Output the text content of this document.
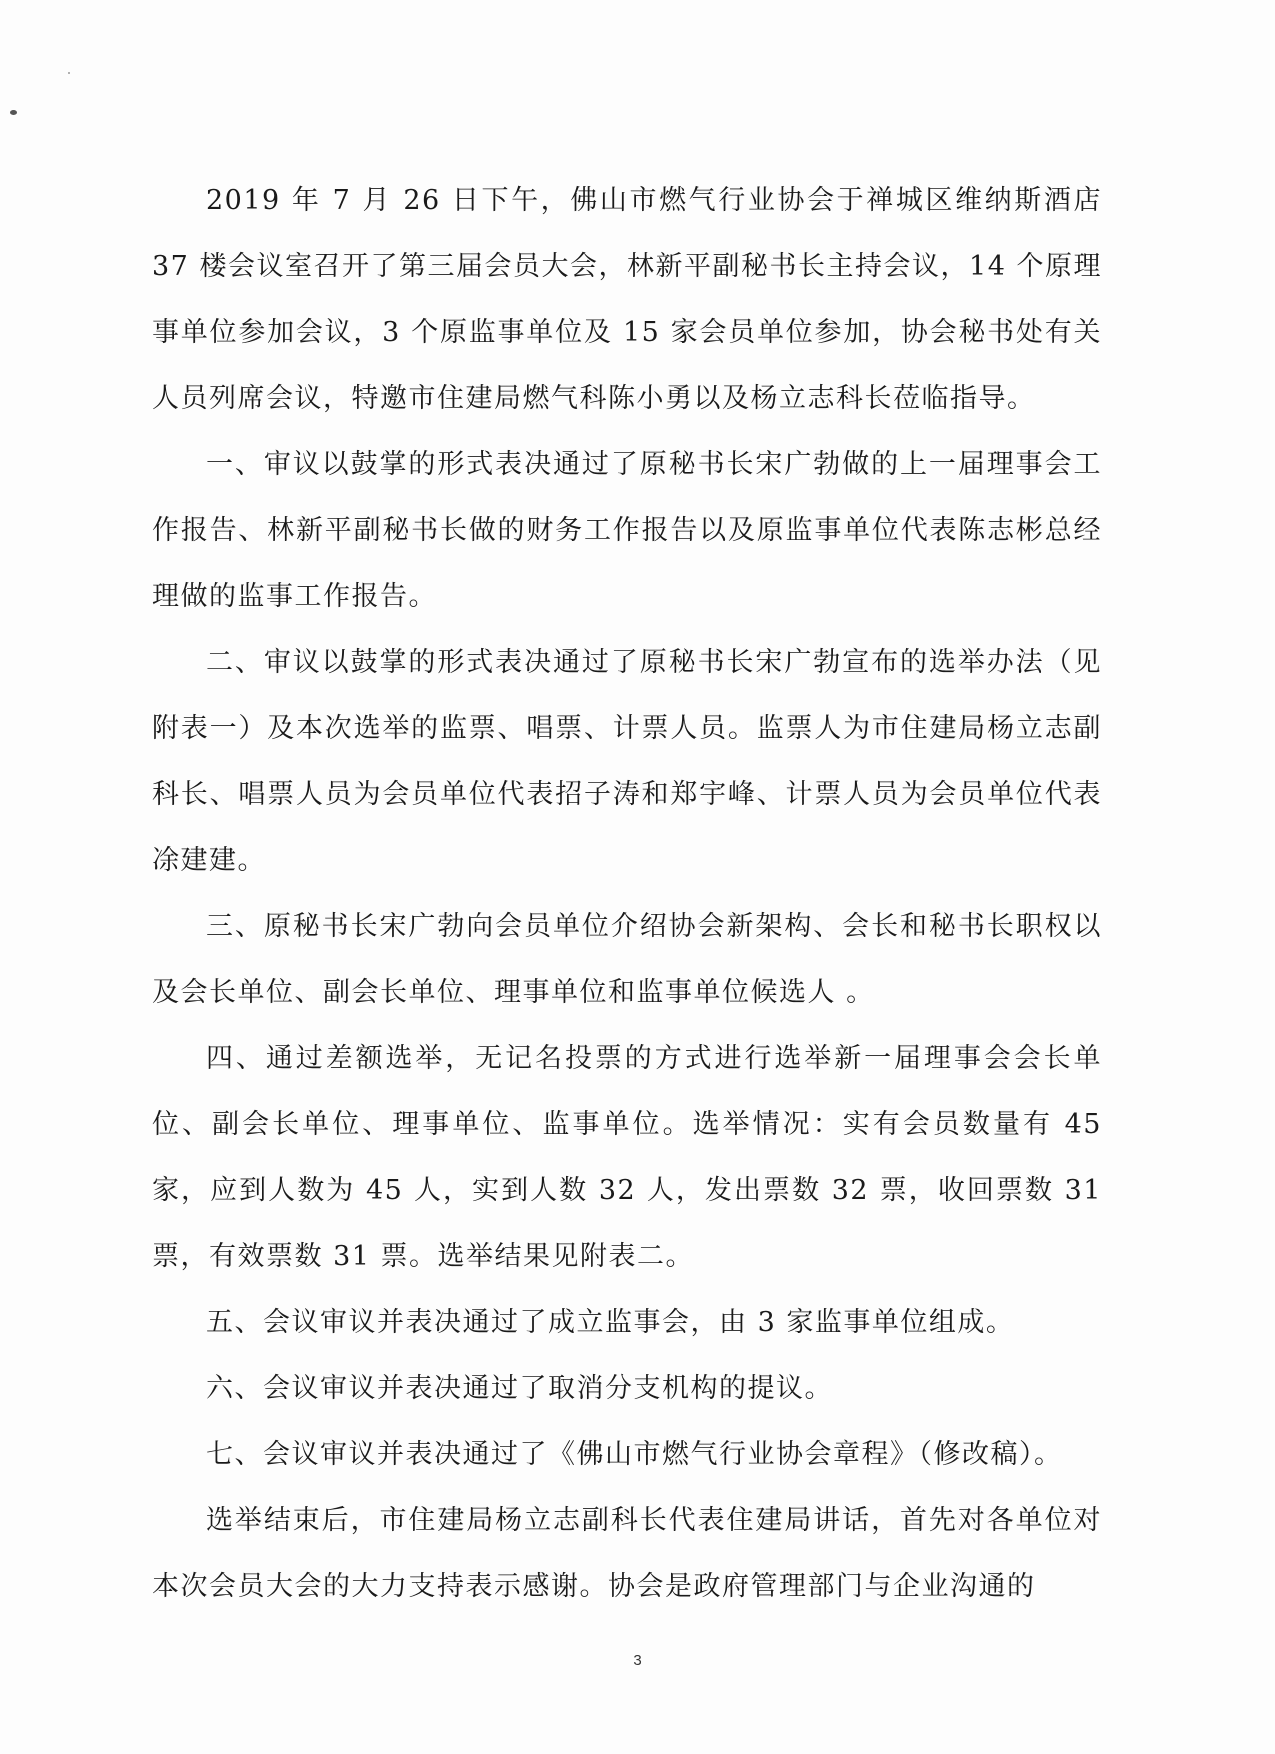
2019 年 7 月 26 日下午，佛山市燃气行业协会于禅城区维纳斯酒店 37 楼会议室召开了第三届会员大会，林新平副秘书长主持会议，14 个原理事单位参加会议，3 个原监事单位及 15 家会员单位参加，协会秘书处有关人员列席会议，特邀市住建局燃气科陈小勇以及杨立志科长莅临指导。

一、审议以鼓掌的形式表决通过了原秘书长宋广勃做的上一届理事会工作报告、林新平副秘书长做的财务工作报告以及原监事单位代表陈志彬总经理做的监事工作报告。

二、审议以鼓掌的形式表决通过了原秘书长宋广勃宣布的选举办法（见附表一）及本次选举的监票、唱票、计票人员。监票人为市住建局杨立志副科长、唱票人员为会员单位代表招子涛和郑宇峰、计票人员为会员单位代表凃建建。

三、原秘书长宋广勃向会员单位介绍协会新架构、会长和秘书长职权以及会长单位、副会长单位、理事单位和监事单位候选人 。

四、通过差额选举，无记名投票的方式进行选举新一届理事会会长单位、副会长单位、理事单位、监事单位。选举情况：实有会员数量有 45 家，应到人数为 45 人，实到人数 32 人，发出票数 32 票，收回票数 31 票，有效票数 31 票。选举结果见附表二。

五、会议审议并表决通过了成立监事会，由 3 家监事单位组成。

六、会议审议并表决通过了取消分支机构的提议。

七、会议审议并表决通过了《佛山市燃气行业协会章程》（修改稿）。

选举结束后，市住建局杨立志副科长代表住建局讲话，首先对各单位对本次会员大会的大力支持表示感谢。协会是政府管理部门与企业沟通的

3
